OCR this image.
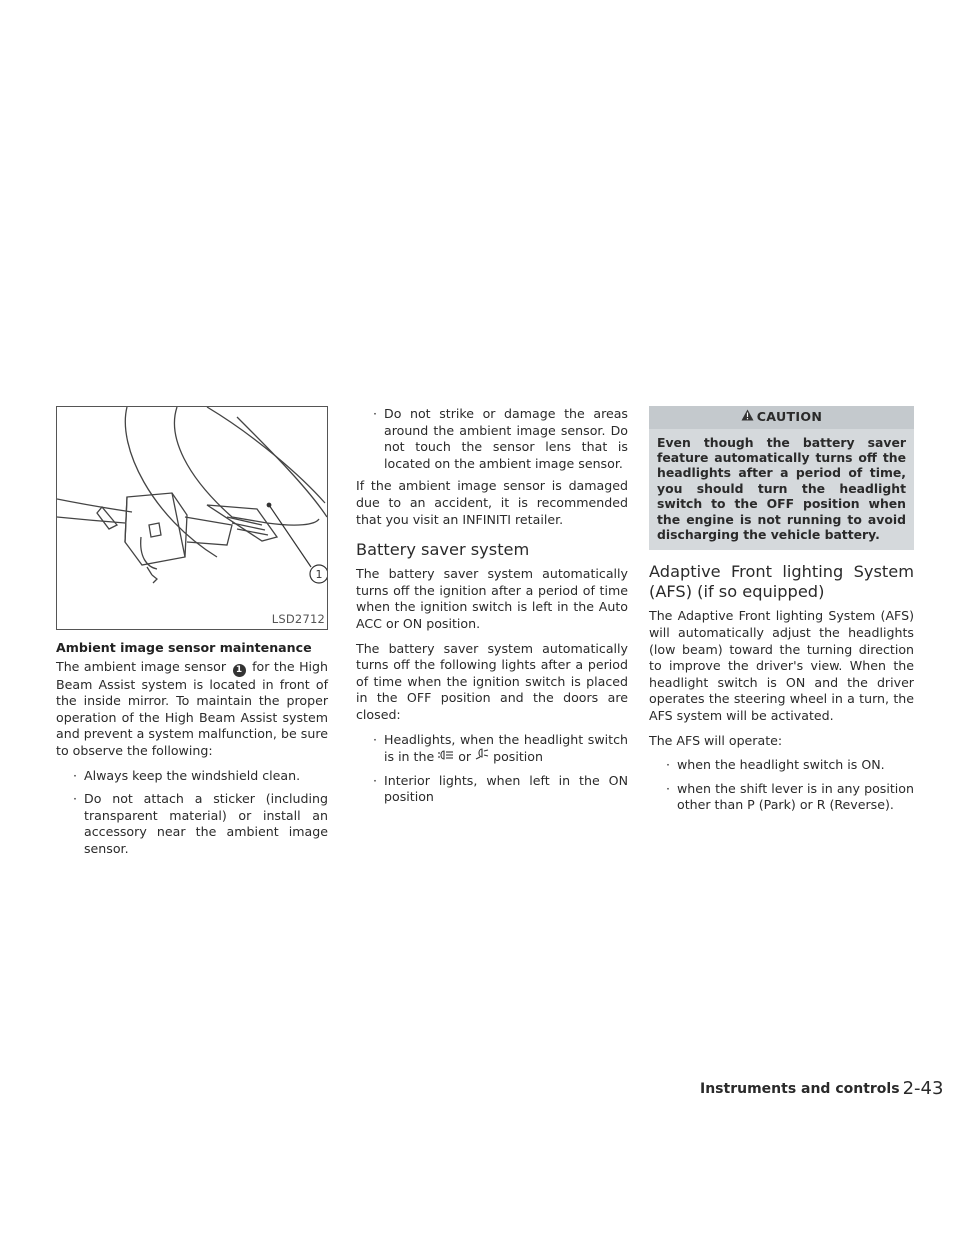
1
LSD2712
Ambient image sensor maintenance

The ambient image sensor 1 for the High Beam Assist system is located in front of the inside mirror. To maintain the proper operation of the High Beam Assist system and prevent a system malfunction, be sure to observe the following:

· Always keep the windshield clean.
· Do not attach a sticker (including transparent material) or install an accessory near the ambient image sensor.
· Do not strike or damage the areas around the ambient image sensor. Do not touch the sensor lens that is located on the ambient image sensor.

If the ambient image sensor is damaged due to an accident, it is recommended that you visit an INFINITI retailer.

Battery saver system

The battery saver system automatically turns off the ignition after a period of time when the ignition switch is left in the Auto ACC or ON position.

The battery saver system automatically turns off the following lights after a period of time when the ignition switch is placed in the OFF position and the doors are closed:

· Headlights, when the headlight switch is in the or position
· Interior lights, when left in the ON position
CAUTION
Even though the battery saver feature automatically turns off the headlights after a period of time, you should turn the headlight switch to the OFF position when the engine is not running to avoid discharging the vehicle battery.
Adaptive Front lighting System (AFS) (if so equipped)

The Adaptive Front lighting System (AFS) will automatically adjust the headlights (low beam) toward the turning direction to improve the driver's view. When the headlight switch is ON and the driver operates the steering wheel in a turn, the AFS system will be activated.

The AFS will operate:

· when the headlight switch is ON.
· when the shift lever is in any position other than P (Park) or R (Reverse).
Instruments and controls 2-43
